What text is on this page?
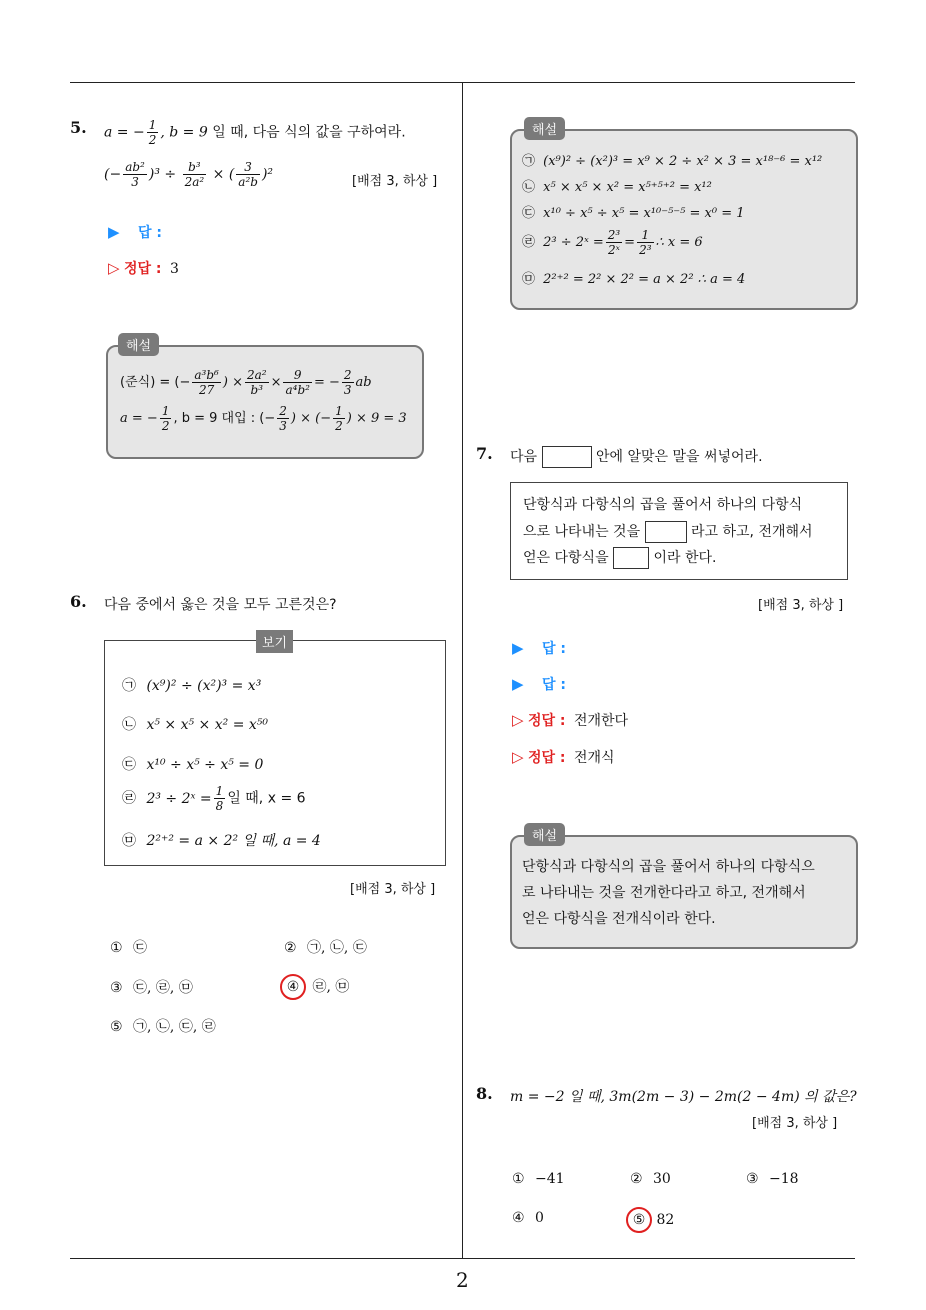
5. a = − $\frac{1}{2}$ , b = 9 일 때, 다음 식의 값을 구하여라.
(− $\frac{\text{ab²}}{3} )^3 \div \frac{\text{b³}}{\text{2a²}}$ × ( $\frac{3}{\text{a²b}} )^2$	[배점 3, 하상 ]
▶ 답 :
▷ 정답 : 3
해설
(준식) = (− $\frac{\text{a³b⁶}}{27}$ ) × $\frac{\text{2a²}}{\text{b³}} \times \frac{9}{\text{a⁴b²}}$ = − $\frac{2}{3}$ ab
a = − $\frac{1}{2}$ , b = 9 대입 : (− $\frac{2}{3}$ ) × (− $\frac{1}{2}$ ) × 9 = 3
6. 다음 중에서 옳은 것을 모두 고른것은?
보기
㉠ (x⁹)² ÷ (x²)³ = x³
㉡ x⁵ × x⁵ × x² = x⁵⁰
㉢ x¹⁰ ÷ x⁵ ÷ x⁵ = 0
㉣ 2³ ÷ 2ˣ = $\frac{1}{8}$ 일 때, x = 6
㉤ 2²⁺² = a × 2² 일 때, a = 4
[배점 3, 하상 ]
① ㉢	② ㉠, ㉡, ㉢
③ ㉢, ㉣, ㉤	④ ㉣, ㉤
⑤ ㉠, ㉡, ㉢, ㉣
해설
㉠ (x⁹)² ÷ (x²)³ = x⁹ × 2 ÷ x² × 3 = x¹⁸⁻⁶ = x¹²
㉡ x⁵ × x⁵ × x² = x⁵⁺⁵⁺² = x¹²
㉢ x¹⁰ ÷ x⁵ ÷ x⁵ = x¹⁰⁻⁵⁻⁵ = x⁰ = 1
㉣ 2³ ÷ 2ˣ = $\frac{\text{2³}}{\text{2ˣ}} = \frac{1}{\text{2³}}$ ∴ x = 6
㉤ 2²⁺² = 2² × 2² = a × 2² ∴ a = 4
7. 다음	안에 알맞은 말을 써넣어라.
단항식과 다항식의 곱을 풀어서 하나의 다항식
으로 나타내는 것을	라고 하고, 전개해서
얻은 다항식을	이라 한다.
[배점 3, 하상 ]
▶ 답 :
▶ 답 :
▷ 정답 : 전개한다
▷ 정답 : 전개식
해설
단항식과 다항식의 곱을 풀어서 하나의 다항식으
로 나타내는 것을 전개한다라고 하고, 전개해서
얻은 다항식을 전개식이라 한다.
8. m = −2 일 때, 3m(2m − 3) − 2m(2 − 4m) 의 값은?
[배점 3, 하상 ]
① −41	② 30	③ −18
④ 0	⑤ 82
2
